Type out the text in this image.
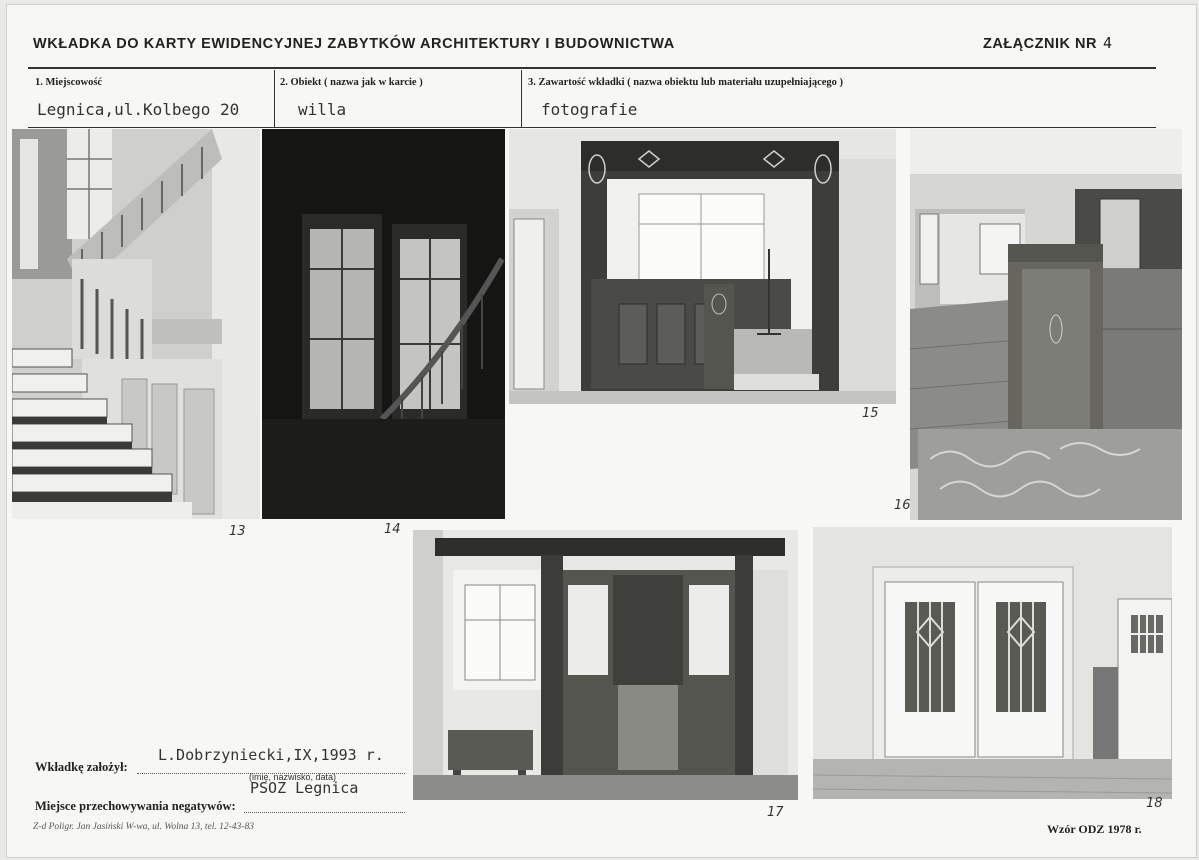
WKŁADKA DO KARTY EWIDENCYJNEJ ZABYTKÓW ARCHITEKTURY I BUDOWNICTWA	ZAŁĄCZNIK NR 4
1. Miejscowość
Legnica,ul.Kolbego 20
2. Obiekt ( nazwa jak w karcie )
willa
3. Zawartość wkładki ( nazwa obiektu lub materiału uzupełniającego )
fotografie
13	14
15
16
17
18
Wkładkę założył:
L.Dobrzyniecki,IX,1993 r.
(imię, nazwisko, data)
Miejsce przechowywania negatywów:
PSOZ Legnica
Z-d Poligr. Jan Jasiński W-wa, ul. Wolna 13, tel. 12-43-83	Wzór ODZ 1978 r.
